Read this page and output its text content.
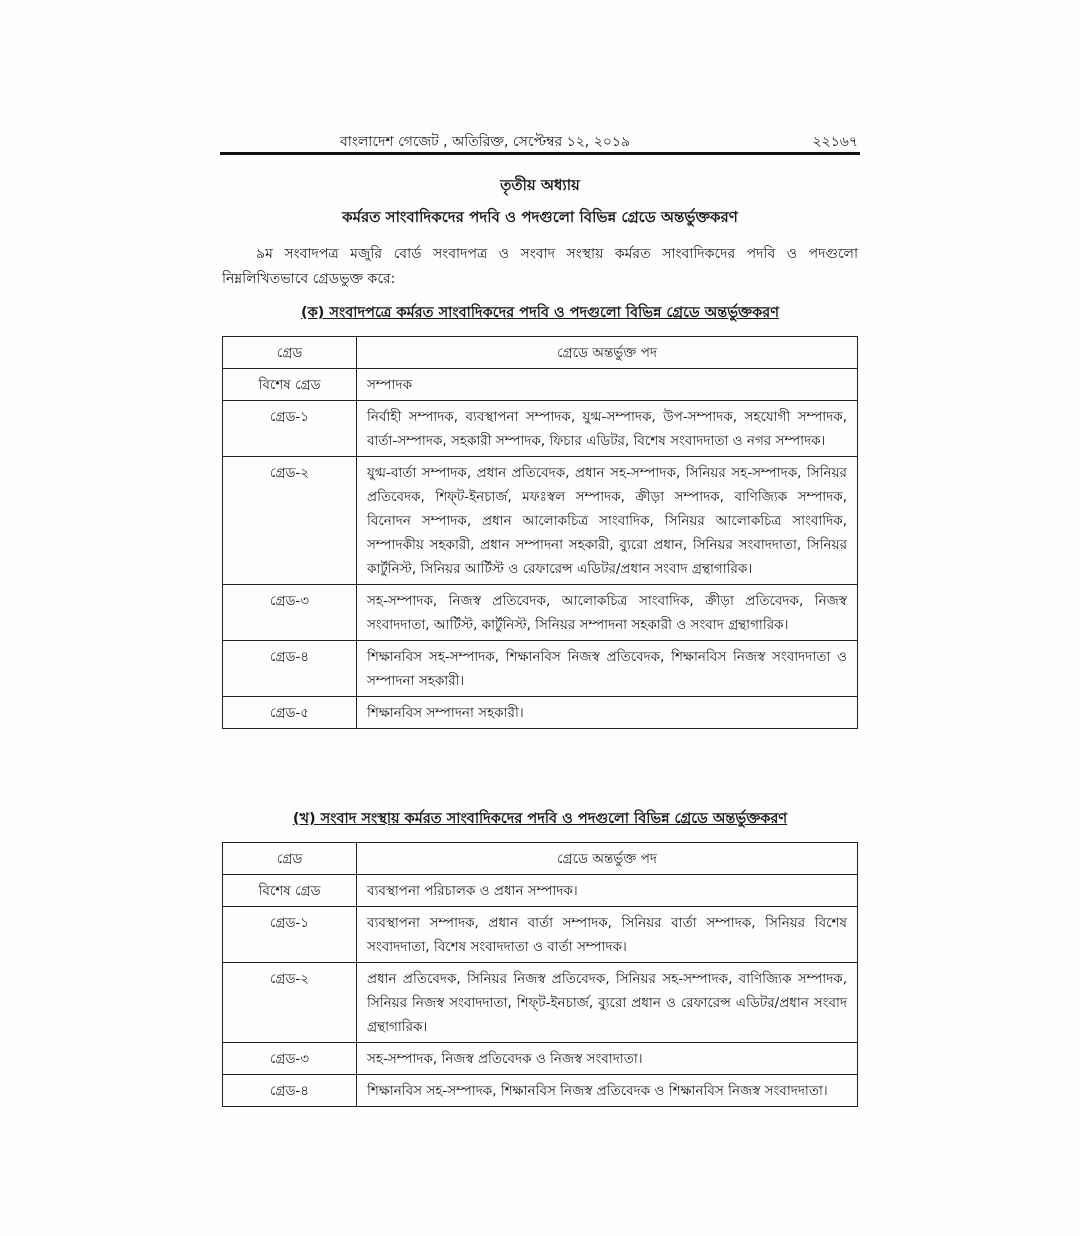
বাংলাদেশ গেজেট , অতিরিক্ত, সেপ্টেম্বর ১২, ২০১৯	২২১৬৭
তৃতীয় অধ্যায়
কর্মরত সাংবাদিকদের পদবি ও পদগুলো বিভিন্ন গ্রেডে অন্তর্ভুক্তকরণ
৯ম সংবাদপত্র মজুরি বোর্ড সংবাদপত্র ও সংবাদ সংস্থায় কর্মরত সাংবাদিকদের পদবি ও পদগুলো নিম্নলিখিতভাবে গ্রেডভুক্ত করে:
(ক) সংবাদপত্রে কর্মরত সাংবাদিকদের পদবি ও পদগুলো বিভিন্ন গ্রেডে অন্তর্ভুক্তকরণ
গ্রেড	গ্রেডে অন্তর্ভুক্ত পদ
বিশেষ গ্রেড	সম্পাদক
গ্রেড-১	নির্বাহী সম্পাদক, ব্যবস্থাপনা সম্পাদক, যুগ্ম-সম্পাদক, উপ-সম্পাদক, সহযোগী সম্পাদক, বার্তা-সম্পাদক, সহকারী সম্পাদক, ফিচার এডিটর, বিশেষ সংবাদদাতা ও নগর সম্পাদক।
গ্রেড-২	যুগ্ম-বার্তা সম্পাদক, প্রধান প্রতিবেদক, প্রধান সহ-সম্পাদক, সিনিয়র সহ-সম্পাদক, সিনিয়র প্রতিবেদক, শিফ্‌ট-ইনচার্জ, মফঃস্বল সম্পাদক, ক্রীড়া সম্পাদক, বাণিজ্যিক সম্পাদক, বিনোদন সম্পাদক, প্রধান আলোকচিত্র সাংবাদিক, সিনিয়র আলোকচিত্র সাংবাদিক, সম্পাদকীয় সহকারী, প্রধান সম্পাদনা সহকারী, ব্যুরো প্রধান, সিনিয়র সংবাদদাতা, সিনিয়র কার্টুনিস্ট, সিনিয়র আর্টিস্ট ও রেফারেন্স এডিটর/প্রধান সংবাদ গ্রন্থাগারিক।
গ্রেড-৩	সহ-সম্পাদক, নিজস্ব প্রতিবেদক, আলোকচিত্র সাংবাদিক, ক্রীড়া প্রতিবেদক, নিজস্ব সংবাদদাতা, আর্টিস্ট, কার্টুনিস্ট, সিনিয়র সম্পাদনা সহকারী ও সংবাদ গ্রন্থাগারিক।
গ্রেড-৪	শিক্ষানবিস সহ-সম্পাদক, শিক্ষানবিস নিজস্ব প্রতিবেদক, শিক্ষানবিস নিজস্ব সংবাদদাতা ও সম্পাদনা সহকারী।
গ্রেড-৫	শিক্ষানবিস সম্পাদনা সহকারী।
(খ) সংবাদ সংস্থায় কর্মরত সাংবাদিকদের পদবি ও পদগুলো বিভিন্ন গ্রেডে অন্তর্ভুক্তকরণ
গ্রেড	গ্রেডে অন্তর্ভুক্ত পদ
বিশেষ গ্রেড	ব্যবস্থাপনা পরিচালক ও প্রধান সম্পাদক।
গ্রেড-১	ব্যবস্থাপনা সম্পাদক, প্রধান বার্তা সম্পাদক, সিনিয়র বার্তা সম্পাদক, সিনিয়র বিশেষ সংবাদদাতা, বিশেষ সংবাদদাতা ও বার্তা সম্পাদক।
গ্রেড-২	প্রধান প্রতিবেদক, সিনিয়র নিজস্ব প্রতিবেদক, সিনিয়র সহ-সম্পাদক, বাণিজ্যিক সম্পাদক, সিনিয়র নিজস্ব সংবাদদাতা, শিফ্‌ট-ইনচার্জ, ব্যুরো প্রধান ও রেফারেন্স এডিটর/প্রধান সংবাদ গ্রন্থাগারিক।
গ্রেড-৩	সহ-সম্পাদক, নিজস্ব প্রতিবেদক ও নিজস্ব সংবাদাতা।
গ্রেড-৪	শিক্ষানবিস সহ-সম্পাদক, শিক্ষানবিস নিজস্ব প্রতিবেদক ও শিক্ষানবিস নিজস্ব সংবাদদাতা।
